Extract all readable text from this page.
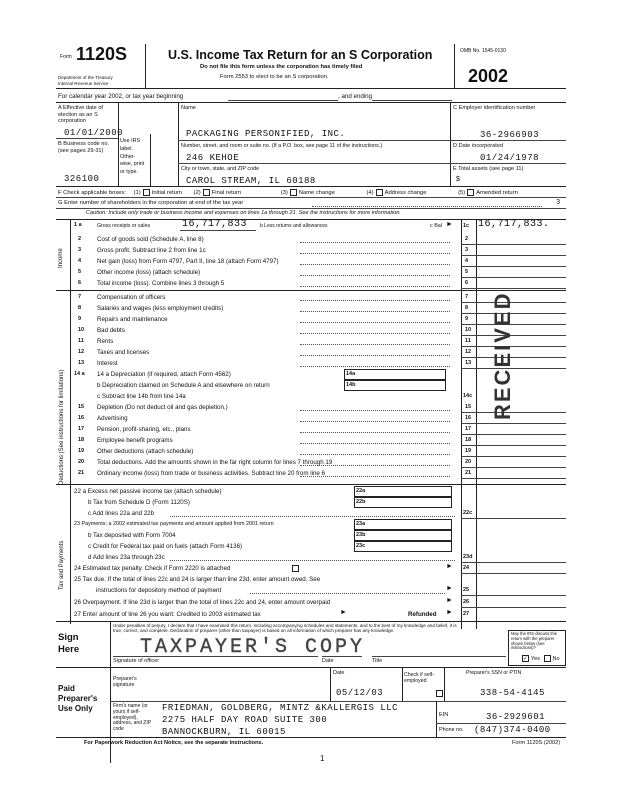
Form 1120S
Department of the Treasury
Internal Revenue Service
U.S. Income Tax Return for an S Corporation
Do not file this form unless the corporation has timely filed
Form 2553 to elect to be an S corporation.
OMB No. 1545-0130
2002
For calendar year 2002, or tax year beginning	, and ending
A Effective date of election as an S corporation
01/01/2000
B Business code no. (see pages 29-31)
326100
Use IRS label. Other- wise, print or type.
Name
PACKAGING PERSONIFIED, INC.
Number, street, and room or suite no. (If a P.O. box, see page 11 of the instructions.)
246 KEHOE
City or town, state, and ZIP code
CAROL STREAM, IL 60188
C Employer identification number
36-2966903
D Date incorporated
01/24/1978
E Total assets (see page 11)
$
F Check applicable boxes: (1) Initial return (2) Final return	(3) Name change	(4) Address change	(5) Amended return
G Enter number of shareholders in the corporation at end of the tax year	3
Caution: Include only trade or business income and expenses on lines 1a through 21. See the instructions for more information.
Income
1 a	Gross receipts or sales	16,717,833	b Less returns and allowances	c Bal ► 1c 16,717,833.
2	Cost of goods sold (Schedule A, line 8)	2
3	Gross profit. Subtract line 2 from line 1c	3
4	Net gain (loss) from Form 4797, Part II, line 18 (attach Form 4797)	4
5	Other income (loss) (attach schedule)	5
6	Total income (loss). Combine lines 3 through 5	6
Deductions (See instructions for limitations)
7	Compensation of officers	7
8	Salaries and wages (less employment credits)	8
9	Repairs and maintenance	9
10 Bad debts	10
11 Rents	11
12 Taxes and licenses	12
13 Interest	13
14 a 14 a Depreciation (if required, attach Form 4562)	14a
b Depreciation claimed on Schedule A and elsewhere on return	14b
c Subtract line 14b from line 14a	14c
15 Depletion (Do not deduct oil and gas depletion.)	15
16 Advertising	16
17 Pension, profit-sharing, etc., plans	17
18 Employee benefit programs	18
19 Other deductions (attach schedule)	19
20 Total deductions. Add the amounts shown in the far right column for lines 7 through 19	20
21 Ordinary income (loss) from trade or business activities. Subtract line 20 from line 6	21
RECEIVED
Tax and Payments
22 a Excess net passive income tax (attach schedule)	22a
b Tax from Schedule D (Form 1120S)	22b
c Add lines 22a and 22b	22c
23 Payments: a 2002 estimated tax payments and amount applied from 2001 return	23a
b Tax deposited with Form 7004	23b
c Credit for Federal tax paid on fuels (attach Form 4136)	23c
d Add lines 23a through 23c	23d
24 Estimated tax penalty. Check if Form 2220 is attached	► 24
25 Tax due. If the total of lines 22c and 24 is larger than line 23d, enter amount owed. See
instructions for depository method of payment	► 25
26 Overpayment. If line 23d is larger than the total of lines 22c and 24, enter amount overpaid	► 26
27 Enter amount of line 26 you want: Credited to 2003 estimated tax	►	Refunded ► 27
Sign Here
Under penalties of perjury, I declare that I have examined this return, including accompanying schedules and statements, and to the best of my knowledge and belief, it is true, correct, and complete. Declaration of preparer (other than taxpayer) is based on all information of which preparer has any knowledge.
TAXPAYER'S COPY
Signature of officer	Date	Title
May the IRS discuss this return with the preparer shown below (see instructions)?
✓ Yes No
Paid Preparer's Use Only
Preparer's signature
Date
05/12/03
Check if self- employed
Preparer's SSN or PTIN
338-54-4145
Firm's name (or yours if self-employed), address, and ZIP code
FRIEDMAN, GOLDBERG, MINTZ &KALLERGIS LLC
2275 HALF DAY ROAD SUITE 300
BANNOCKBURN, IL 60015
EIN	36-2929601
Phone no. (847)374-0400
For Paperwork Reduction Act Notice, see the separate instructions.	Form 1120S (2002)
1
